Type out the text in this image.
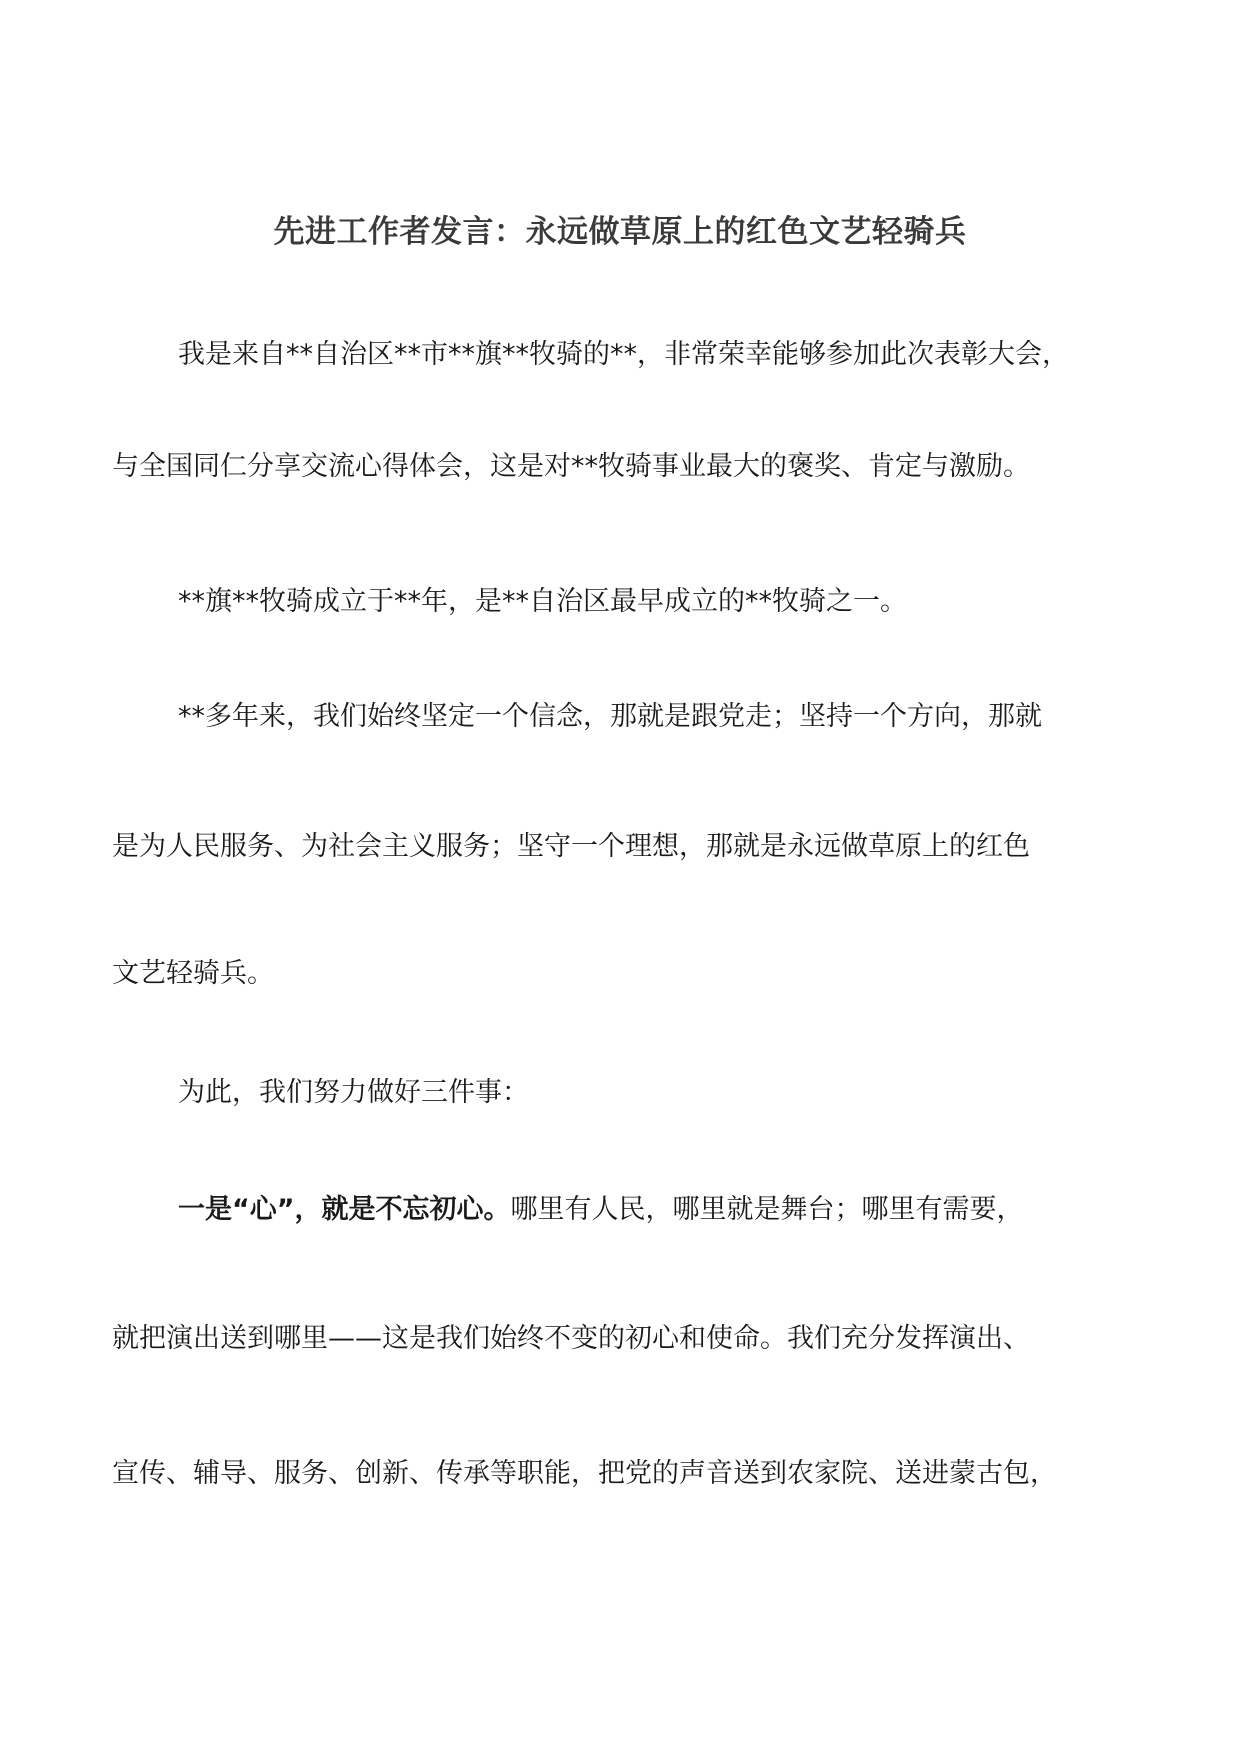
先进工作者发言：永远做草原上的红色文艺轻骑兵
我是来自**自治区**市**旗**牧骑的**，非常荣幸能够参加此次表彰大会，
与全国同仁分享交流心得体会，这是对**牧骑事业最大的褒奖、肯定与激励。
**旗**牧骑成立于**年，是**自治区最早成立的**牧骑之一。
**多年来，我们始终坚定一个信念，那就是跟党走；坚持一个方向，那就
是为人民服务、为社会主义服务；坚守一个理想，那就是永远做草原上的红色
文艺轻骑兵。
为此，我们努力做好三件事：
一是“心”，就是不忘初心。哪里有人民，哪里就是舞台；哪里有需要，
就把演出送到哪里——这是我们始终不变的初心和使命。我们充分发挥演出、
宣传、辅导、服务、创新、传承等职能，把党的声音送到农家院、送进蒙古包，
